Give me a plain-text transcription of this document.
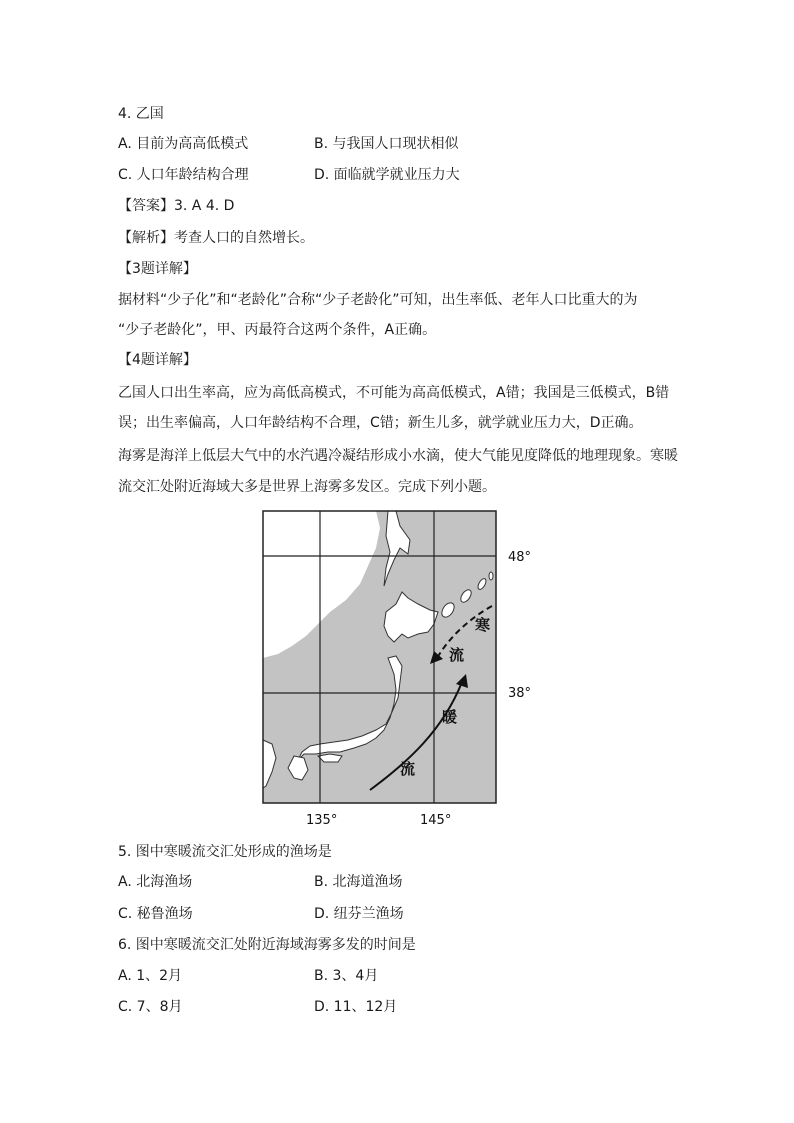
4. 乙国
A. 目前为高高低模式	B. 与我国人口现状相似
C. 人口年龄结构合理	D. 面临就学就业压力大
【答案】3. A 4. D
【解析】考查人口的自然增长。
【3题详解】
据材料“少子化”和“老龄化”合称“少子老龄化”可知，出生率低、老年人口比重大的为
“少子老龄化”，甲、丙最符合这两个条件，A正确。
【4题详解】
乙国人口出生率高，应为高低高模式，不可能为高高低模式，A错；我国是三低模式，B错
误；出生率偏高，人口年龄结构不合理，C错；新生儿多，就学就业压力大，D正确。
海雾是海洋上低层大气中的水汽遇冷凝结形成小水滴，使大气能见度降低的地理现象。寒暖
流交汇处附近海域大多是世界上海雾多发区。完成下列小题。
寒
流
暖
流
48°
38°
135°	145°
5. 图中寒暖流交汇处形成的渔场是
A. 北海渔场	B. 北海道渔场
C. 秘鲁渔场	D. 纽芬兰渔场
6. 图中寒暖流交汇处附近海域海雾多发的时间是
A. 1、2月	B. 3、4月
C. 7、8月	D. 11、12月
